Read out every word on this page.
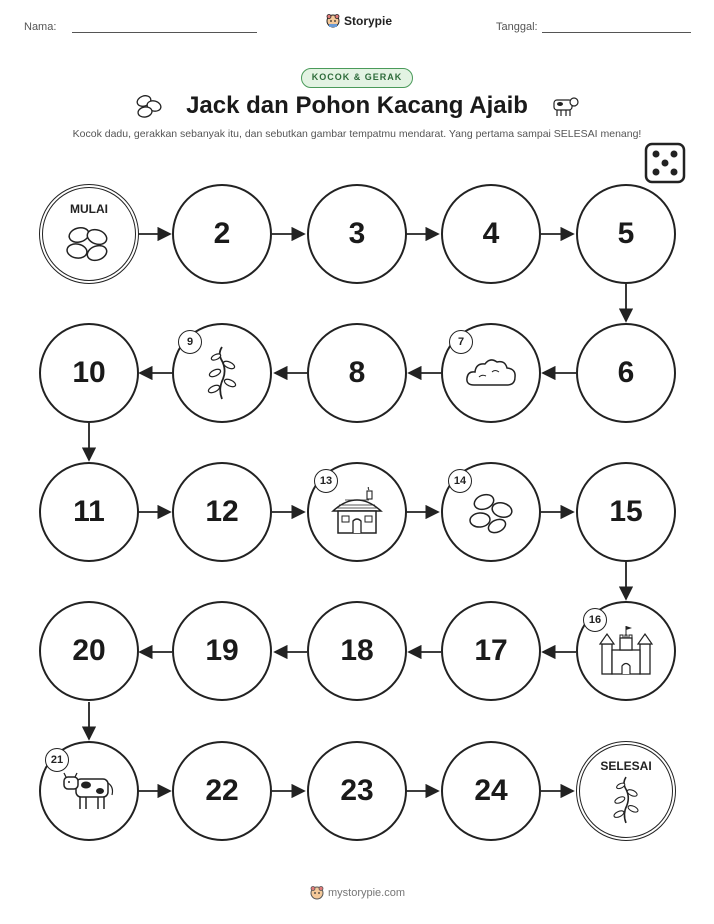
Nama:	Storypie	Tanggal:
KOCOK & GERAK
Jack dan Pohon Kacang Ajaib
Kocok dadu, gerakkan sebanyak itu, dan sebutkan gambar tempatmu mendarat. Yang pertama sampai SELESAI menang!
MULAI
2	3	4	5
6
7
8
9
10
11	12
13	14
15
16
17
18
19
20
21
22	23	24
SELESAI
mystorypie.com
